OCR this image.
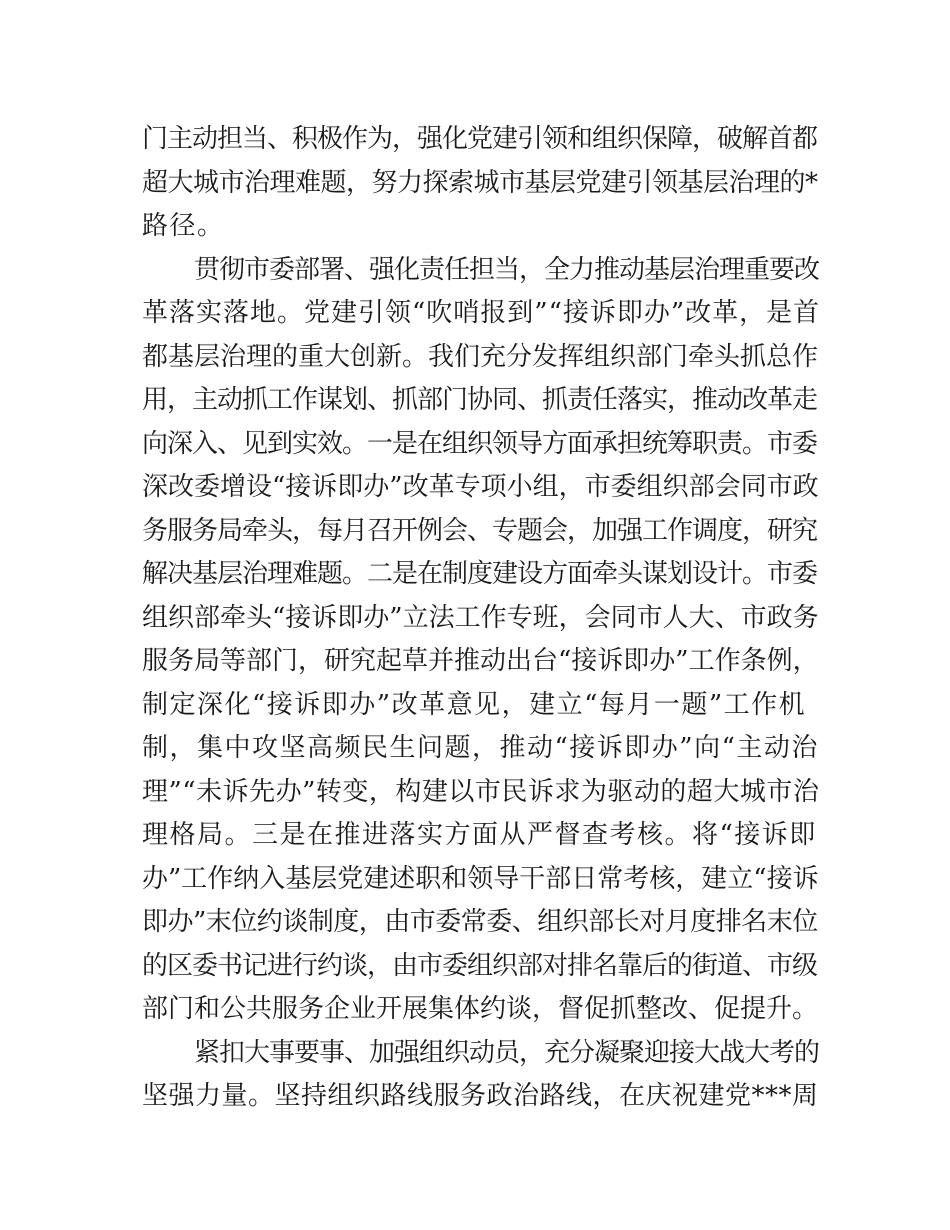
门主动担当、积极作为，强化党建引领和组织保障，破解首都
超大城市治理难题，努力探索城市基层党建引领基层治理的*
路径。
贯彻市委部署、强化责任担当，全力推动基层治理重要改
革落实落地。党建引领“吹哨报到”“接诉即办”改革，是首
都基层治理的重大创新。我们充分发挥组织部门牵头抓总作
用，主动抓工作谋划、抓部门协同、抓责任落实，推动改革走
向深入、见到实效。一是在组织领导方面承担统筹职责。市委
深改委增设“接诉即办”改革专项小组，市委组织部会同市政
务服务局牵头，每月召开例会、专题会，加强工作调度，研究
解决基层治理难题。二是在制度建设方面牵头谋划设计。市委
组织部牵头“接诉即办”立法工作专班，会同市人大、市政务
服务局等部门，研究起草并推动出台“接诉即办”工作条例，
制定深化“接诉即办”改革意见，建立“每月一题”工作机
制，集中攻坚高频民生问题，推动“接诉即办”向“主动治
理”“未诉先办”转变，构建以市民诉求为驱动的超大城市治
理格局。三是在推进落实方面从严督查考核。将“接诉即
办”工作纳入基层党建述职和领导干部日常考核，建立“接诉
即办”末位约谈制度，由市委常委、组织部长对月度排名末位
的区委书记进行约谈，由市委组织部对排名靠后的街道、市级
部门和公共服务企业开展集体约谈，督促抓整改、促提升。
紧扣大事要事、加强组织动员，充分凝聚迎接大战大考的
坚强力量。坚持组织路线服务政治路线，在庆祝建党***周
